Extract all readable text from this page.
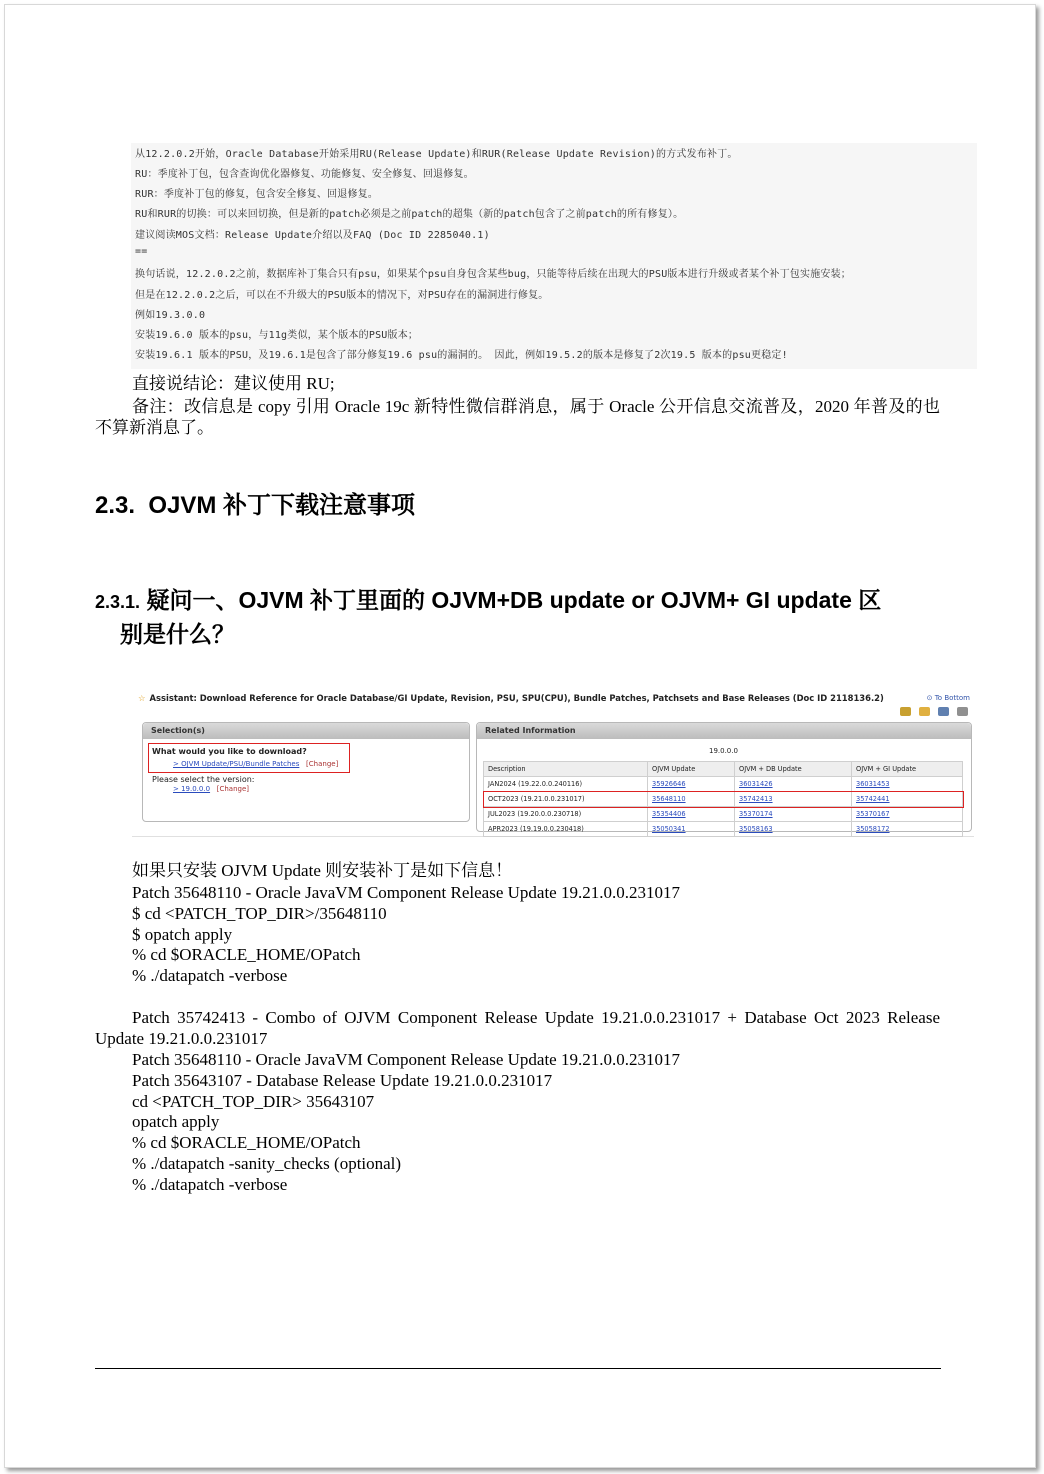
从12.2.0.2开始，Oracle Database开始采用RU(Release Update)和RUR(Release Update Revision)的方式发布补丁。
RU：季度补丁包，包含查询优化器修复、功能修复、安全修复、回退修复。
RUR：季度补丁包的修复，包含安全修复、回退修复。
RU和RUR的切换：可以来回切换，但是新的patch必须是之前patch的超集（新的patch包含了之前patch的所有修复）。
建议阅读MOS文档：Release Update介绍以及FAQ (Doc ID 2285040.1)
==
换句话说，12.2.0.2之前，数据库补丁集合只有psu，如果某个psu自身包含某些bug，只能等待后续在出现大的PSU版本进行升级或者某个补丁包实施安装；
但是在12.2.0.2之后，可以在不升级大的PSU版本的情况下，对PSU存在的漏洞进行修复。
例如19.3.0.0
安装19.6.0 版本的psu，与11g类似，某个版本的PSU版本；
安装19.6.1 版本的PSU，及19.6.1是包含了部分修复19.6 psu的漏洞的。 因此，例如19.5.2的版本是修复了2次19.5 版本的psu更稳定!
直接说结论：建议使用 RU;
备注：改信息是 copy 引用 Oracle 19c 新特性微信群消息，属于 Oracle 公开信息交流普及，2020 年普及的也不算新消息了。
2.3. OJVM 补丁下载注意事项
2.3.1. 疑问一、OJVM 补丁里面的 OJVM+DB update or OJVM+ GI update 区
别是什么？
☆ Assistant: Download Reference for Oracle Database/GI Update, Revision, PSU, SPU(CPU), Bundle Patches, Patchsets and Base Releases (Doc ID 2118136.2)	⊙ To Bottom
Selection(s)
What would you like to download?
> OJVM Update/PSU/Bundle Patches [Change]
Please select the version:
> 19.0.0.0 [Change]
Related Information
19.0.0.0
Description	OJVM Update	OJVM + DB Update	OJVM + GI Update
JAN2024 (19.22.0.0.240116)	35926646	36031426	36031453
OCT2023 (19.21.0.0.231017)	35648110	35742413	35742441
JUL2023 (19.20.0.0.230718)	35354406	35370174	35370167
APR2023 (19.19.0.0.230418)	35050341	35058163	35058172
如果只安装 OJVM Update 则安装补丁是如下信息！
Patch 35648110 - Oracle JavaVM Component Release Update 19.21.0.0.231017
$ cd <PATCH_TOP_DIR>/35648110
$ opatch apply
% cd $ORACLE_HOME/OPatch
% ./datapatch -verbose
Patch 35742413 - Combo of OJVM Component Release Update 19.21.0.0.231017 + Database Oct 2023 Release Update 19.21.0.0.231017
Patch 35648110 - Oracle JavaVM Component Release Update 19.21.0.0.231017
Patch 35643107 - Database Release Update 19.21.0.0.231017
cd <PATCH_TOP_DIR> 35643107
opatch apply
% cd $ORACLE_HOME/OPatch
% ./datapatch -sanity_checks (optional)
% ./datapatch -verbose
